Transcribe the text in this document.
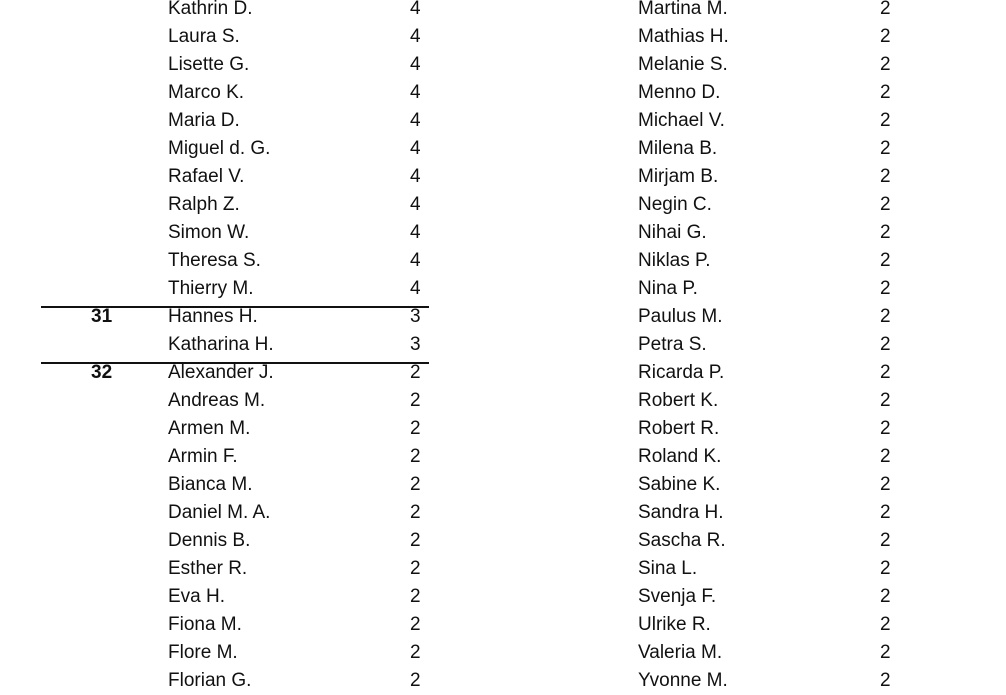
Kathrin D.	4
Laura S.	4
Lisette G.	4
Marco K.	4
Maria D.	4
Miguel d. G.	4
Rafael V.	4
Ralph Z.	4
Simon W.	4
Theresa S.	4
Thierry M.	4
31	Hannes H.	3
Katharina H.	3
32	Alexander J.	2
Andreas M.	2
Armen M.	2
Armin F.	2
Bianca M.	2
Daniel M. A.	2
Dennis B.	2
Esther R.	2
Eva H.	2
Fiona M.	2
Flore M.	2
Florian G.	2
Martina M.	2
Mathias H.	2
Melanie S.	2
Menno D.	2
Michael V.	2
Milena B.	2
Mirjam B.	2
Negin C.	2
Nihai G.	2
Niklas P.	2
Nina P.	2
Paulus M.	2
Petra S.	2
Ricarda P.	2
Robert K.	2
Robert R.	2
Roland K.	2
Sabine K.	2
Sandra H.	2
Sascha R.	2
Sina L.	2
Svenja F.	2
Ulrike R.	2
Valeria M.	2
Yvonne M.	2
